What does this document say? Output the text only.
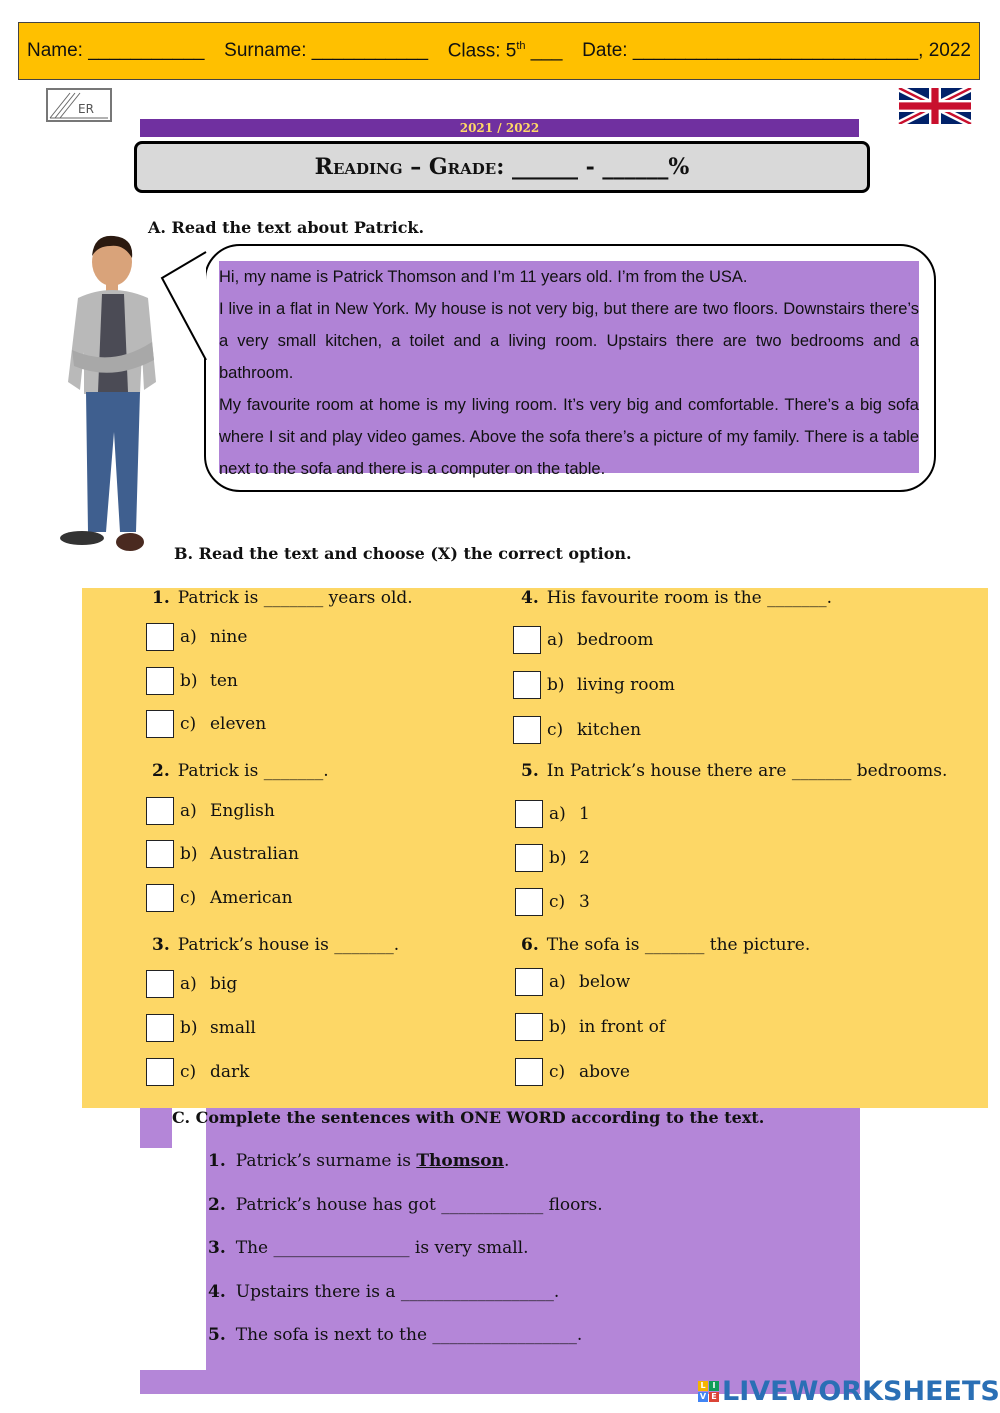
Name: ___________ Surname: ___________ Class: 5th ___ Date: ___________________________, 2022
ER
2021 / 2022
Reading – Grade: ______ - ______%
A. Read the text about Patrick.

Hi, my name is Patrick Thomson and I’m 11 years old. I’m from the USA.

I live in a flat in New York. My house is not very big, but there are two floors. Downstairs there’s a very small kitchen, a toilet and a living room. Upstairs there are two bedrooms and a bathroom.

My favourite room at home is my living room. It’s very big and comfortable. There’s a big sofa where I sit and play video games. Above the sofa there’s a picture of my family. There is a table next to the sofa and there is a computer on the table.

B. Read the text and choose (X) the correct option.
1. Patrick is _______ years old.
a) nine
b) ten
c) eleven
2. Patrick is _______.
a) English
b) Australian
c) American
3. Patrick’s house is _______.
a) big
b) small
c) dark
4. His favourite room is the _______.
a) bedroom
b) living room
c) kitchen
5. In Patrick’s house there are _______ bedrooms.
a) 1
b) 2
c) 3
6. The sofa is _______ the picture.
a) below
b) in front of
c) above
C. Complete the sentences with ONE WORD according to the text.
1. Patrick’s surname is Thomson.
2. Patrick’s house has got ____________ floors.
3. The ________________ is very small.
4. Upstairs there is a __________________.
5. The sofa is next to the _________________.
L I
V E LIVEWORKSHEETS
